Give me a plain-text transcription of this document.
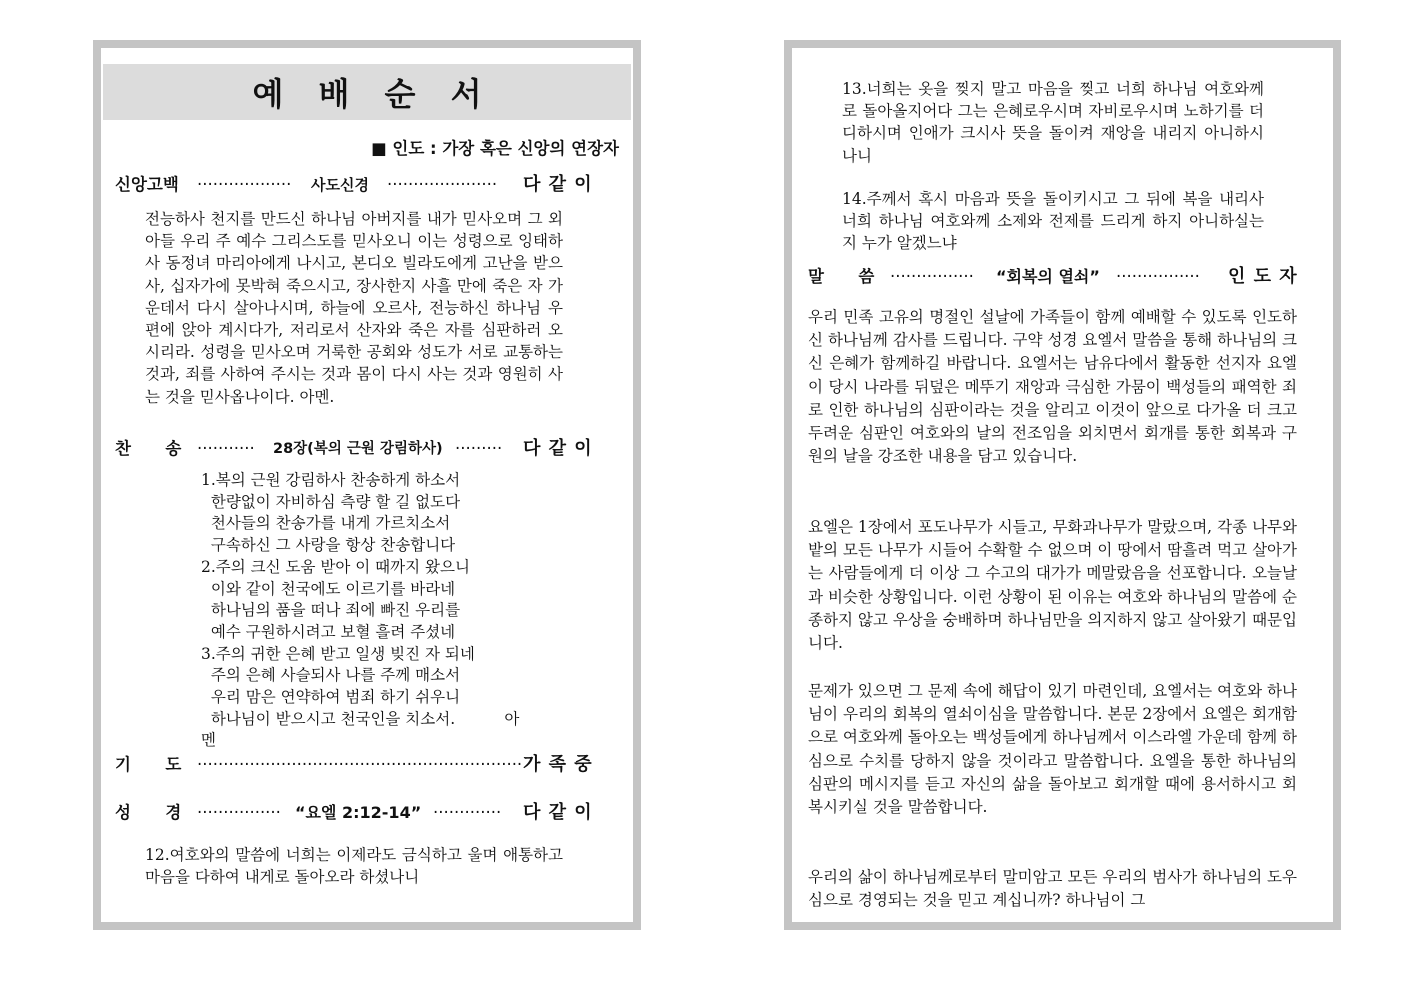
예 배 순 서
■ 인도 : 가장 혹은 신앙의 연장자
신앙고백 ·················· 사도신경 ····················· 다 같 이

전능하사 천지를 만드신 하나님 아버지를 내가 믿사오며 그 외아들 우리 주 예수 그리스도를 믿사오니 이는 성령으로 잉태하사 동정녀 마리아에게 나시고, 본디오 빌라도에게 고난을 받으사, 십자가에 못박혀 죽으시고, 장사한지 사흘 만에 죽은 자 가운데서 다시 살아나시며, 하늘에 오르사, 전능하신 하나님 우편에 앉아 계시다가, 저리로서 산자와 죽은 자를 심판하러 오시리라. 성령을 믿사오며 거룩한 공회와 성도가 서로 교통하는 것과, 죄를 사하여 주시는 것과 몸이 다시 사는 것과 영원히 사는 것을 믿사옵나이다. 아멘.

찬      송 ··········· 28장(복의 근원 강림하사) ········· 다 같 이
1.복의 근원 강림하사 찬송하게 하소서
한량없이 자비하심 측량 할 길 없도다
천사들의 찬송가를 내게 가르치소서
구속하신 그 사랑을 항상 찬송합니다
2.주의 크신 도움 받아 이 때까지 왔으니
이와 같이 천국에도 이르기를 바라네
하나님의 품을 떠나 죄에 빠진 우리를
예수 구원하시려고 보혈 흘려 주셨네
3.주의 귀한 은혜 받고 일생 빚진 자 되네
주의 은혜 사슬되사 나를 주께 매소서
우리 맘은 연약하여 범죄 하기 쉬우니
하나님이 받으시고 천국인을 치소서.          아
멘
기      도 ······························································ 가 족 중
성      경 ················ “요엘 2:12-14” ············· 다 같 이

12.여호와의 말씀에 너희는 이제라도 금식하고 울며 애통하고 마음을 다하여 내게로 돌아오라 하셨나니

13.너희는 옷을 찢지 말고 마음을 찢고 너희 하나님 여호와께로 돌아올지어다 그는 은혜로우시며 자비로우시며 노하기를 더디하시며 인애가 크시사 뜻을 돌이켜 재앙을 내리지 아니하시나니

14.주께서 혹시 마음과 뜻을 돌이키시고 그 뒤에 복을 내리사 너희 하나님 여호와께 소제와 전제를 드리게 하지 아니하실는지 누가 알겠느냐

말      씀 ················ “회복의 열쇠” ················ 인 도 자

우리 민족 고유의 명절인 설날에 가족들이 함께 예배할 수 있도록 인도하신 하나님께 감사를 드립니다. 구약 성경 요엘서 말씀을 통해 하나님의 크신 은혜가 함께하길 바랍니다. 요엘서는 남유다에서 활동한 선지자 요엘이 당시 나라를 뒤덮은 메뚜기 재앙과 극심한 가뭄이 백성들의 패역한 죄로 인한 하나님의 심판이라는 것을 알리고 이것이 앞으로 다가올 더 크고 두려운 심판인 여호와의 날의 전조임을 외치면서 회개를 통한 회복과 구원의 날을 강조한 내용을 담고 있습니다.

요엘은 1장에서 포도나무가 시들고, 무화과나무가 말랐으며, 각종 나무와 밭의 모든 나무가 시들어 수확할 수 없으며 이 땅에서 땀흘려 먹고 살아가는 사람들에게 더 이상 그 수고의 대가가 메말랐음을 선포합니다. 오늘날과 비슷한 상황입니다. 이런 상황이 된 이유는 여호와 하나님의 말씀에 순종하지 않고 우상을 숭배하며 하나님만을 의지하지 않고 살아왔기 때문입니다.

문제가 있으면 그 문제 속에 해답이 있기 마련인데, 요엘서는 여호와 하나님이 우리의 회복의 열쇠이심을 말씀합니다. 본문 2장에서 요엘은 회개함으로 여호와께 돌아오는 백성들에게 하나님께서 이스라엘 가운데 함께 하심으로 수치를 당하지 않을 것이라고 말씀합니다. 요엘을 통한 하나님의 심판의 메시지를 듣고 자신의 삶을 돌아보고 회개할 때에 용서하시고 회복시키실 것을 말씀합니다.

우리의 삶이 하나님께로부터 말미암고 모든 우리의 범사가 하나님의 도우심으로 경영되는 것을 믿고 계십니까? 하나님이 그
